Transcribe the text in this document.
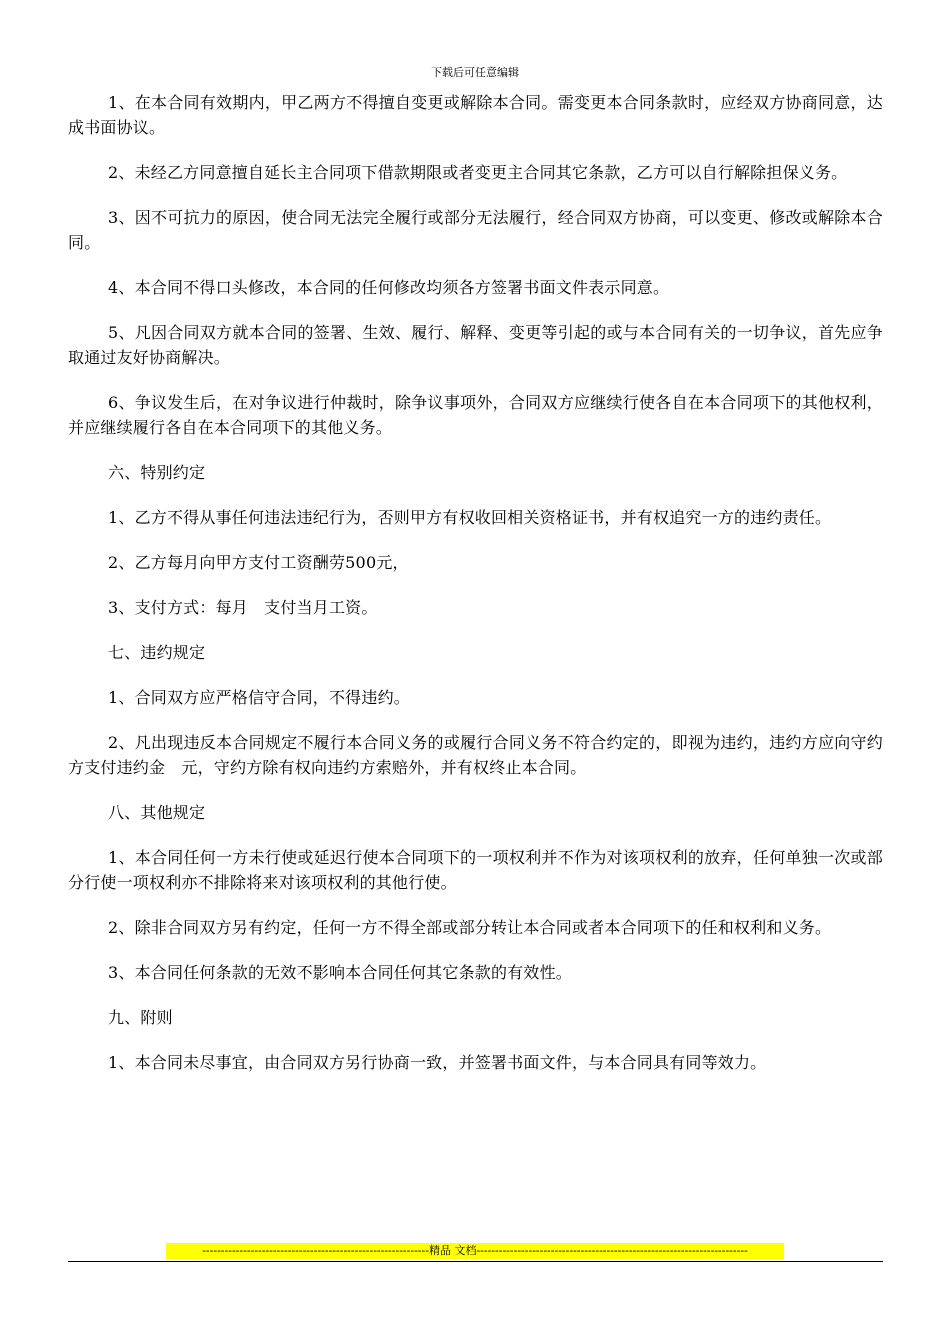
下载后可任意编辑

1、在本合同有效期内，甲乙两方不得擅自变更或解除本合同。需变更本合同条款时，应经双方协商同意，达成书面协议。

2、未经乙方同意擅自延长主合同项下借款期限或者变更主合同其它条款，乙方可以自行解除担保义务。

3、因不可抗力的原因，使合同无法完全履行或部分无法履行，经合同双方协商，可以变更、修改或解除本合同。

4、本合同不得口头修改，本合同的任何修改均须各方签署书面文件表示同意。

5、凡因合同双方就本合同的签署、生效、履行、解释、变更等引起的或与本合同有关的一切争议，首先应争取通过友好协商解决。

6、争议发生后，在对争议进行仲裁时，除争议事项外，合同双方应继续行使各自在本合同项下的其他权利，并应继续履行各自在本合同项下的其他义务。

六、特别约定

1、乙方不得从事任何违法违纪行为，否则甲方有权收回相关资格证书，并有权追究一方的违约责任。

2、乙方每月向甲方支付工资酬劳500元，

3、支付方式：每月　支付当月工资。

七、违约规定

1、合同双方应严格信守合同，不得违约。

2、凡出现违反本合同规定不履行本合同义务的或履行合同义务不符合约定的，即视为违约，违约方应向守约方支付违约金　元，守约方除有权向违约方索赔外，并有权终止本合同。

八、其他规定

1、本合同任何一方未行使或延迟行使本合同项下的一项权利并不作为对该项权利的放弃，任何单独一次或部分行使一项权利亦不排除将来对该项权利的其他行使。

2、除非合同双方另有约定，任何一方不得全部或部分转让本合同或者本合同项下的任和权利和义务。

3、本合同任何条款的无效不影响本合同任何其它条款的有效性。

九、附则

1、本合同未尽事宜，由合同双方另行协商一致，并签署书面文件，与本合同具有同等效力。

-------------------------------------------------------------精品 文档-------------------------------------------------------------------------
